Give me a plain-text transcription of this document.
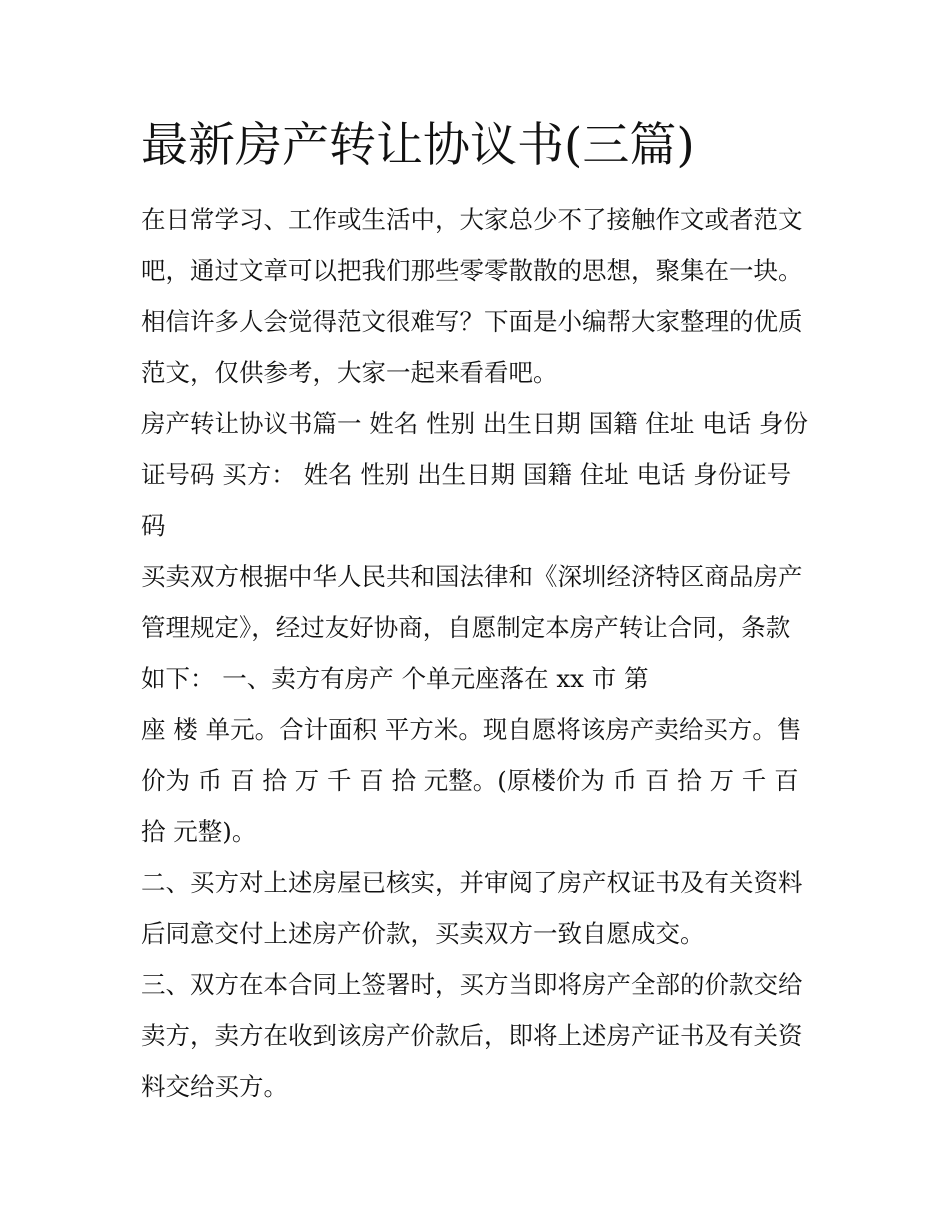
最新房产转让协议书(三篇)
在日常学习、工作或生活中，大家总少不了接触作文或者范文
吧，通过文章可以把我们那些零零散散的思想，聚集在一块。
相信许多人会觉得范文很难写？下面是小编帮大家整理的优质
范文，仅供参考，大家一起来看看吧。
房产转让协议书篇一 姓名 性别 出生日期 国籍 住址 电话 身份
证号码 买方： 姓名 性别 出生日期 国籍 住址 电话 身份证号
码
买卖双方根据中华人民共和国法律和《深圳经济特区商品房产
管理规定》，经过友好协商，自愿制定本房产转让合同，条款
如下： 一、卖方有房产 个单元座落在 xx 市 第
座 楼 单元。合计面积 平方米。现自愿将该房产卖给买方。售
价为 币 百 拾 万 千 百 拾 元整。(原楼价为 币 百 拾 万 千 百
拾 元整)。
二、买方对上述房屋已核实，并审阅了房产权证书及有关资料
后同意交付上述房产价款，买卖双方一致自愿成交。
三、双方在本合同上签署时，买方当即将房产全部的价款交给
卖方，卖方在收到该房产价款后，即将上述房产证书及有关资
料交给买方。
